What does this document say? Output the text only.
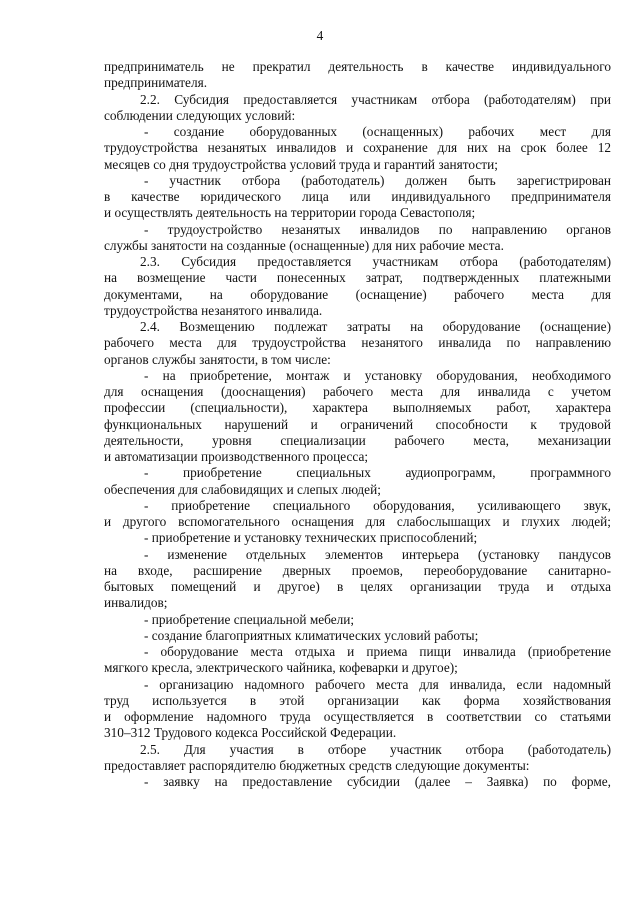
4
предприниматель не прекратил деятельность в качестве индивидуального
предпринимателя.
2.2. Субсидия предоставляется участникам отбора (работодателям) при
соблюдении следующих условий:
- создание оборудованных (оснащенных) рабочих мест для
трудоустройства незанятых инвалидов и сохранение для них на срок более 12
месяцев со дня трудоустройства условий труда и гарантий занятости;
- участник отбора (работодатель) должен быть зарегистрирован
в качестве юридического лица или индивидуального предпринимателя
и осуществлять деятельность на территории города Севастополя;
- трудоустройство незанятых инвалидов по направлению органов
службы занятости на созданные (оснащенные) для них рабочие места.
2.3. Субсидия предоставляется участникам отбора (работодателям)
на возмещение части понесенных затрат, подтвержденных платежными
документами, на оборудование (оснащение) рабочего места для
трудоустройства незанятого инвалида.
2.4. Возмещению подлежат затраты на оборудование (оснащение)
рабочего места для трудоустройства незанятого инвалида по направлению
органов службы занятости, в том числе:
- на приобретение, монтаж и установку оборудования, необходимого
для оснащения (дооснащения) рабочего места для инвалида с учетом
профессии (специальности), характера выполняемых работ, характера
функциональных нарушений и ограничений способности к трудовой
деятельности, уровня специализации рабочего места, механизации
и автоматизации производственного процесса;
- приобретение специальных аудиопрограмм, программного
обеспечения для слабовидящих и слепых людей;
- приобретение специального оборудования, усиливающего звук,
и другого вспомогательного оснащения для слабослышащих и глухих людей;
- приобретение и установку технических приспособлений;
- изменение отдельных элементов интерьера (установку пандусов
на входе, расширение дверных проемов, переоборудование санитарно-
бытовых помещений и другое) в целях организации труда и отдыха
инвалидов;
- приобретение специальной мебели;
- создание благоприятных климатических условий работы;
- оборудование места отдыха и приема пищи инвалида (приобретение
мягкого кресла, электрического чайника, кофеварки и другое);
- организацию надомного рабочего места для инвалида, если надомный
труд используется в этой организации как форма хозяйствования
и оформление надомного труда осуществляется в соответствии со статьями
310–312 Трудового кодекса Российской Федерации.
2.5. Для участия в отборе участник отбора (работодатель)
предоставляет распорядителю бюджетных средств следующие документы:
- заявку на предоставление субсидии (далее – Заявка) по форме,
